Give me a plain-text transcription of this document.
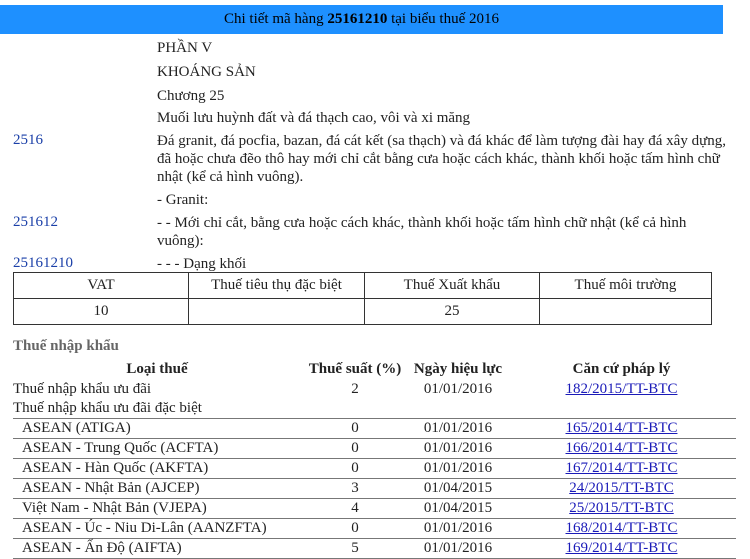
Chi tiết mã hàng 25161210 tại biểu thuế 2016
PHẦN V
KHOÁNG SẢN
Chương 25
Muối lưu huỳnh đất và đá thạch cao, vôi và xi măng
2516	Đá granit, đá pocfia, bazan, đá cát kết (sa thạch) và đá khác để làm tượng đài hay đá xây dựng, đã hoặc chưa đẽo thô hay mới chỉ cắt bằng cưa hoặc cách khác, thành khối hoặc tấm hình chữ nhật (kể cả hình vuông).
- Granit:
251612	- - Mới chỉ cắt, bằng cưa hoặc cách khác, thành khối hoặc tấm hình chữ nhật (kể cả hình vuông):
25161210	- - - Dạng khối
VAT	Thuế tiêu thụ đặc biệt	Thuế Xuất khẩu	Thuế môi trường
10		25	
Thuế nhập khẩu
Loại thuế	Thuế suất (%)	Ngày hiệu lực	Căn cứ pháp lý
Thuế nhập khẩu ưu đãi	2	01/01/2016	182/2015/TT-BTC
Thuế nhập khẩu ưu đãi đặc biệt			
ASEAN (ATIGA)	0	01/01/2016	165/2014/TT-BTC
ASEAN - Trung Quốc (ACFTA)	0	01/01/2016	166/2014/TT-BTC
ASEAN - Hàn Quốc (AKFTA)	0	01/01/2016	167/2014/TT-BTC
ASEAN - Nhật Bản (AJCEP)	3	01/04/2015	24/2015/TT-BTC
Việt Nam - Nhật Bản (VJEPA)	4	01/04/2015	25/2015/TT-BTC
ASEAN - Úc - Niu Di-Lân (AANZFTA)	0	01/01/2016	168/2014/TT-BTC
ASEAN - Ấn Độ (AIFTA)	5	01/01/2016	169/2014/TT-BTC
